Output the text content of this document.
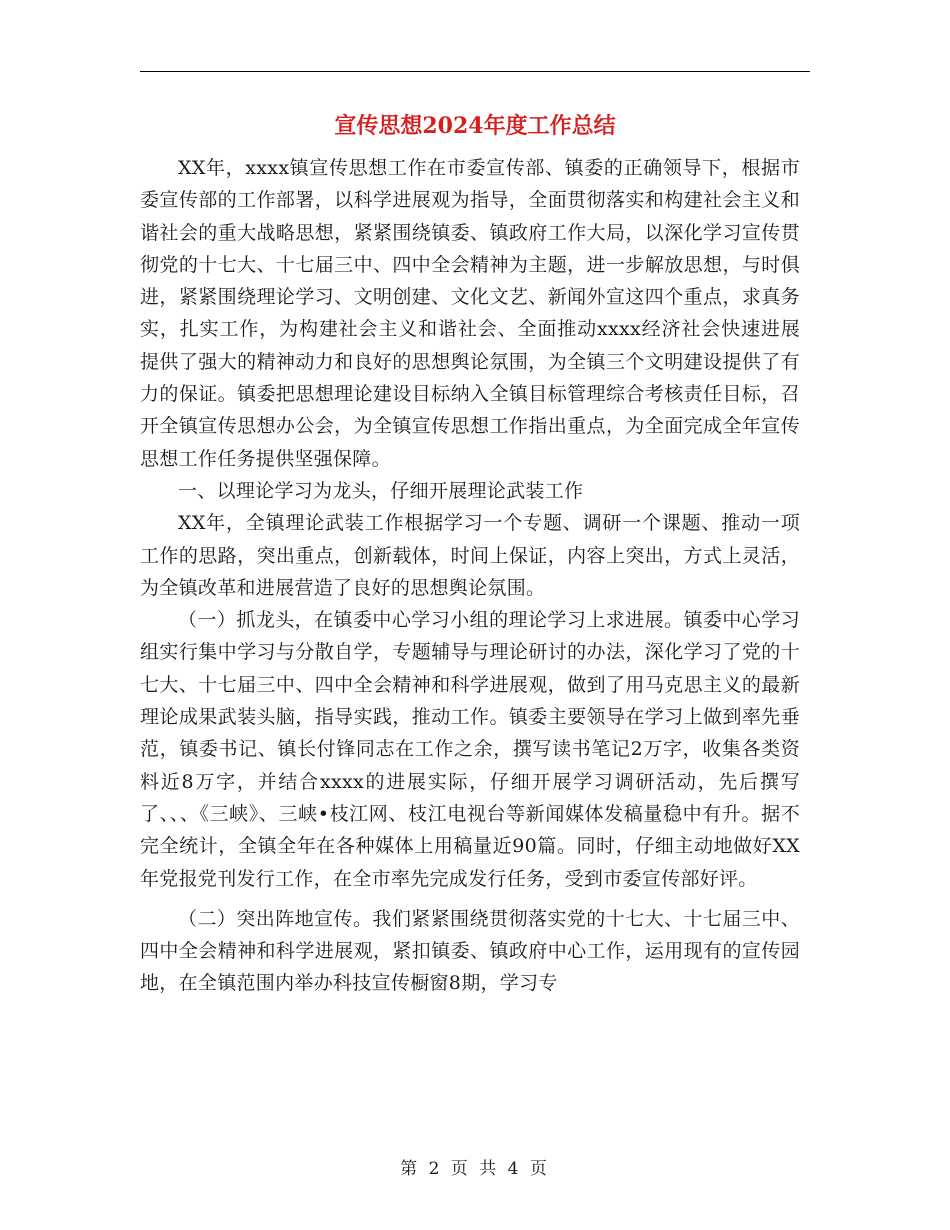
宣传思想2024年度工作总结

XX年，xxxx镇宣传思想工作在市委宣传部、镇委的正确领导下，根据市委宣传部的工作部署，以科学进展观为指导，全面贯彻落实和构建社会主义和谐社会的重大战略思想，紧紧围绕镇委、镇政府工作大局，以深化学习宣传贯彻党的十七大、十七届三中、四中全会精神为主题，进一步解放思想，与时俱进，紧紧围绕理论学习、文明创建、文化文艺、新闻外宣这四个重点，求真务实，扎实工作，为构建社会主义和谐社会、全面推动xxxx经济社会快速进展提供了强大的精神动力和良好的思想舆论氛围，为全镇三个文明建设提供了有力的保证。镇委把思想理论建设目标纳入全镇目标管理综合考核责任目标，召开全镇宣传思想办公会，为全镇宣传思想工作指出重点，为全面完成全年宣传思想工作任务提供坚强保障。

一、以理论学习为龙头，仔细开展理论武装工作

XX年，全镇理论武装工作根据学习一个专题、调研一个课题、推动一项工作的思路，突出重点，创新载体，时间上保证，内容上突出，方式上灵活，为全镇改革和进展营造了良好的思想舆论氛围。

（一）抓龙头，在镇委中心学习小组的理论学习上求进展。镇委中心学习组实行集中学习与分散自学，专题辅导与理论研讨的办法，深化学习了党的十七大、十七届三中、四中全会精神和科学进展观，做到了用马克思主义的最新理论成果武装头脑，指导实践，推动工作。镇委主要领导在学习上做到率先垂范，镇委书记、镇长付锋同志在工作之余，撰写读书笔记2万字，收集各类资料近8万字，并结合xxxx的进展实际，仔细开展学习调研活动，先后撰写了、、、《三峡》、三峡•枝江网、枝江电视台等新闻媒体发稿量稳中有升。据不完全统计，全镇全年在各种媒体上用稿量近90篇。同时，仔细主动地做好XX年党报党刊发行工作，在全市率先完成发行任务，受到市委宣传部好评。

（二）突出阵地宣传。我们紧紧围绕贯彻落实党的十七大、十七届三中、四中全会精神和科学进展观，紧扣镇委、镇政府中心工作，运用现有的宣传园地，在全镇范围内举办科技宣传橱窗8期，学习专

第 2 页 共 4 页
